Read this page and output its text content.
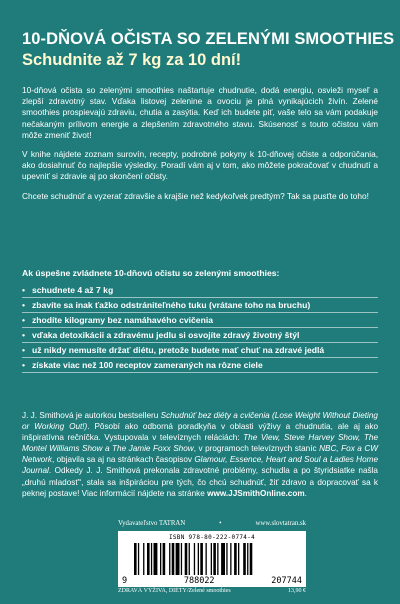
10-DŇOVÁ OČISTA SO ZELENÝMI SMOOTHIES
Schudnite až 7 kg za 10 dní!

10-dňová očista so zelenými smoothies naštartuje chudnutie, dodá energiu, osvieži myseľ a zlepší zdravotný stav. Vďaka listovej zelenine a ovociu je plná vynikajúcich živín. Zelené smoothies prospievajú zdraviu, chutia a zasýtia. Keď ich budete piť, vaše telo sa vám podakuje nečakaným prílivom energie a zlepšením zdravotného stavu. Skúsenosť s touto očistou vám môže zmeniť život!

V knihe nájdete zoznam surovín, recepty, podrobné pokyny k 10-dňovej očiste a odporúčania, ako dosiahnuť čo najlepšie výsledky. Poradí vám aj v tom, ako môžete pokračovať v chudnutí a upevniť si zdravie aj po skončení očisty.

Chcete schudnúť a vyzerať zdravšie a krajšie než kedykoľvek predtým? Tak sa pusťte do toho!

Ak úspešne zvládnete 10-dňovú očistu so zelenými smoothies:
• schudnete 4 až 7 kg
• zbavíte sa inak ťažko odstrániteľného tuku (vrátane toho na bruchu)
• zhodíte kilogramy bez namáhavého cvičenia
• vďaka detoxikácii a zdravému jedlu si osvojíte zdravý životný štýl
• už nikdy nemusíte držať diétu, pretože budete mať chuť na zdravé jedlá
• získate viac než 100 receptov zameraných na rôzne ciele

J. J. Smithová je autorkou bestselleru Schudnúť bez diéty a cvičenia (Lose Weight Without Dieting or Working Out!). Pôsobí ako odborná poradkyňa v oblasti výživy a chudnutia, ale aj ako inšpiratívna rečníčka. Vystupovala v televíznych reláciách: The View, Steve Harvey Show, The Montel Williams Show a The Jamie Foxx Show, v programoch televíznych staníc NBC, Fox a CW Network, objavila sa aj na stránkach časopisov Glamour, Essence, Heart and Soul a Ladies Home Journal. Odkedy J. J. Smithová prekonala zdravotné problémy, schudla a po štyridsiatke našla „druhú mladosť“, stala sa inšpiráciou pre tých, čo chcú schudnúť, žiť zdravo a dopracovať sa k peknej postave! Viac informácií nájdete na stránke www.JJSmithOnline.com.

Vydavateľstvo TATRAN	•	www.slovtatran.sk
ISBN 978-80-222-0774-4
9	788022	207744
ZDRAVÁ VÝŽIVA, DIÉTY/Zelené smoothies	13,90 €
